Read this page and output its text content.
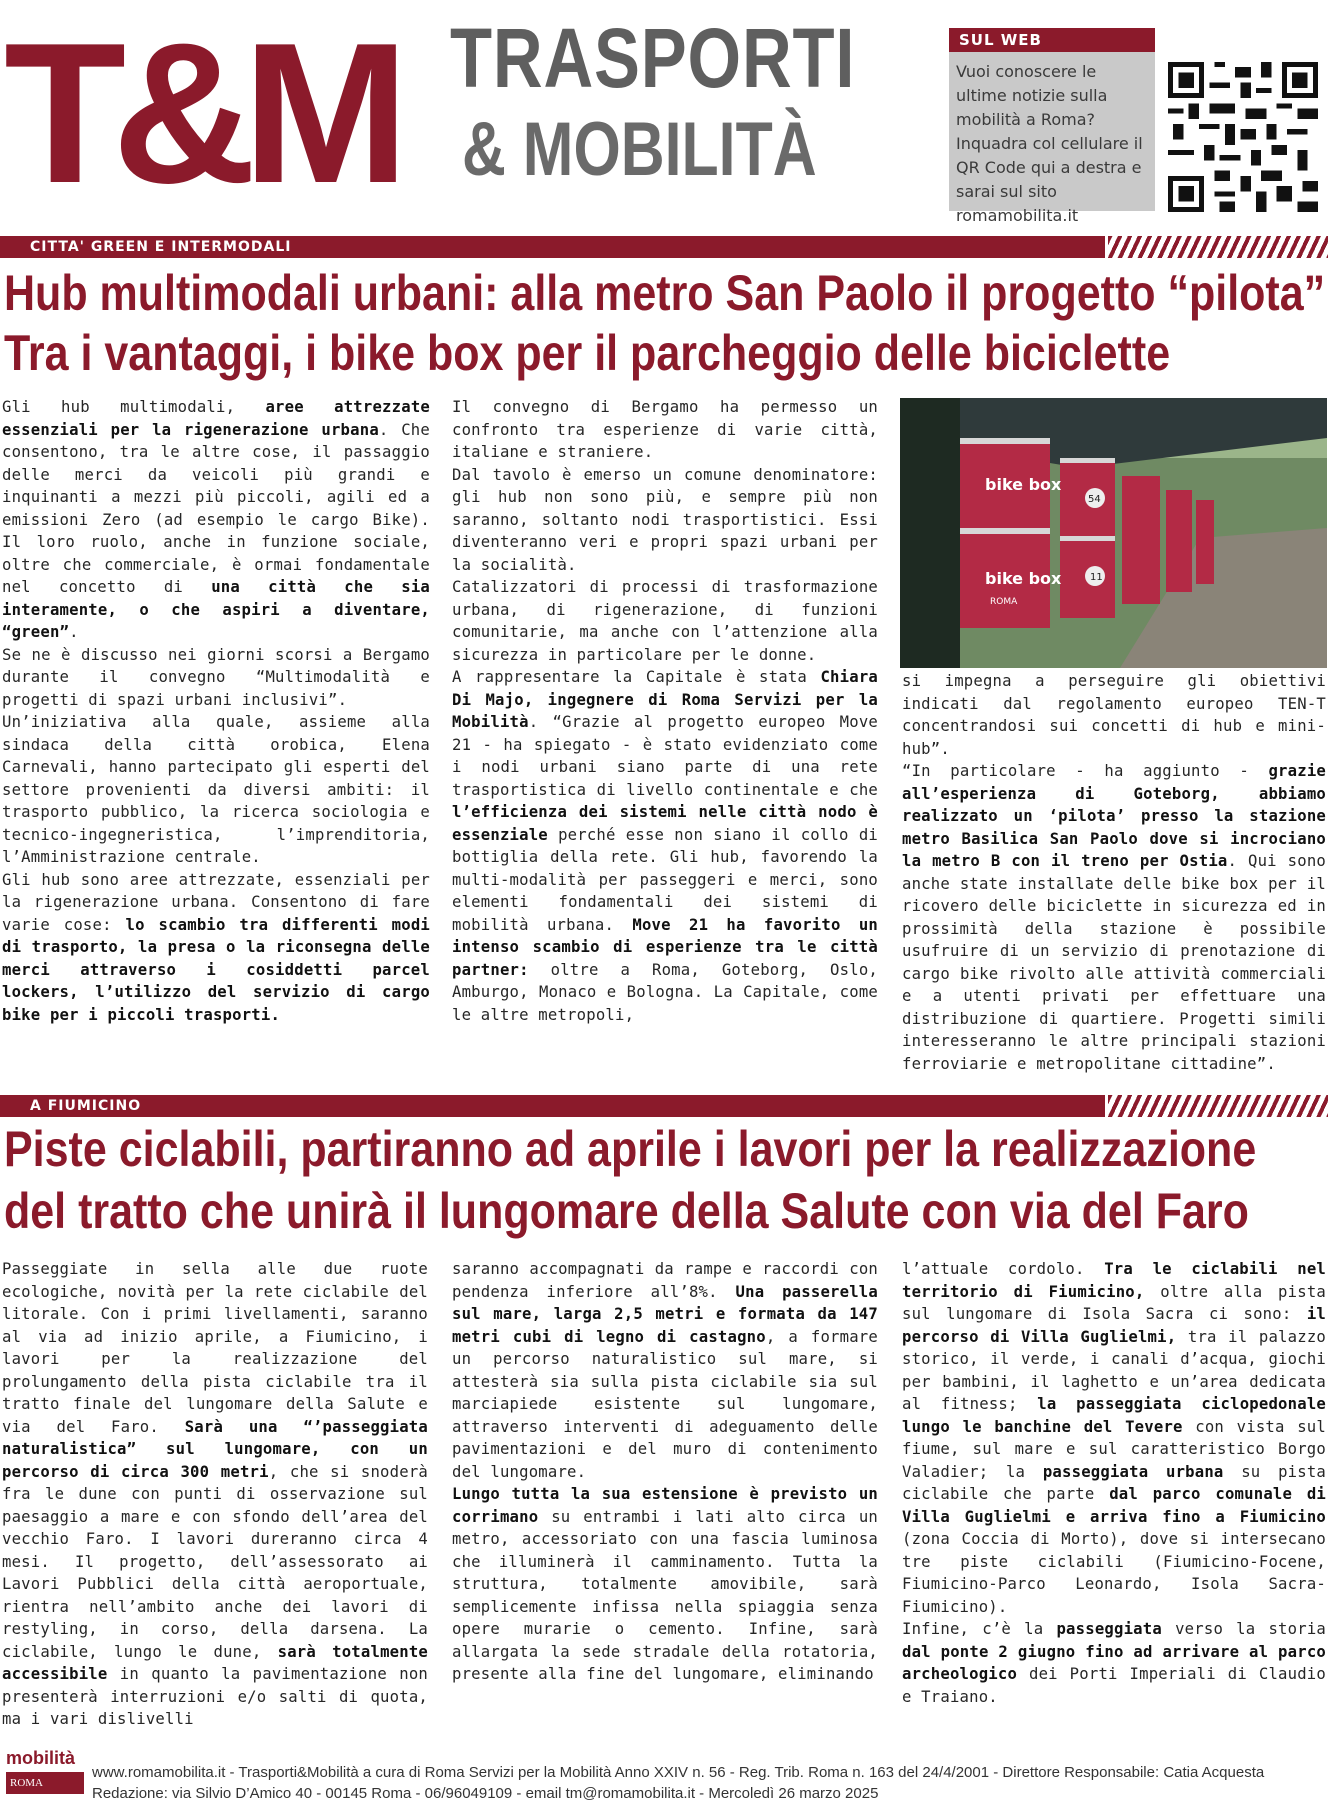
T&M TRASPORTI
& MOBILITÀ
SUL WEB
Vuoi conoscere le ultime notizie sulla mobilità a Roma? Inquadra col cellulare il QR Code qui a destra e sarai sul sito romamobilita.it
CITTA' GREEN E INTERMODALI
Hub multimodali urbani: alla metro San Paolo il progetto “pilota”
Tra i vantaggi, i bike box per il parcheggio delle biciclette

Gli hub multimodali, aree attrezzate essenziali per la rigenerazione urbana. Che consentono, tra le altre cose, il passaggio delle merci da veicoli più grandi e inquinanti a mezzi più piccoli, agili ed a emissioni Zero (ad esempio le cargo Bike). Il loro ruolo, anche in funzione sociale, oltre che commerciale, è ormai fondamentale nel concetto di una città che sia interamente, o che aspiri a diventare, “green”.

Se ne è discusso nei giorni scorsi a Bergamo durante il convegno “Multimodalità e progetti di spazi urbani inclusivi”.

Un’iniziativa alla quale, assieme alla sindaca della città orobica, Elena Carnevali, hanno partecipato gli esperti del settore provenienti da diversi ambiti: il trasporto pubblico, la ricerca sociologia e tecnico-ingegneristica, l’imprenditoria, l’Amministrazione centrale.

Gli hub sono aree attrezzate, essenziali per la rigenerazione urbana. Consentono di fare varie cose: lo scambio tra differenti modi di trasporto, la presa o la riconsegna delle merci attraverso i cosiddetti parcel lockers, l’utilizzo del servizio di cargo bike per i piccoli trasporti.

Il convegno di Bergamo ha permesso un confronto tra esperienze di varie città, italiane e straniere.

Dal tavolo è emerso un comune denominatore: gli hub non sono più, e sempre più non saranno, soltanto nodi trasportistici. Essi diventeranno veri e propri spazi urbani per la socialità.

Catalizzatori di processi di trasformazione urbana, di rigenerazione, di funzioni comunitarie, ma anche con l’attenzione alla sicurezza in particolare per le donne.

A rappresentare la Capitale è stata Chiara Di Majo, ingegnere di Roma Servizi per la Mobilità. “Grazie al progetto europeo Move 21 - ha spiegato - è stato evidenziato come i nodi urbani siano parte di una rete trasportistica di livello continentale e che l’efficienza dei sistemi nelle città nodo è essenziale perché esse non siano il collo di bottiglia della rete. Gli hub, favorendo la multi-modalità per passeggeri e merci, sono elementi fondamentali dei sistemi di mobilità urbana. Move 21 ha favorito un intenso scambio di esperienze tra le città partner: oltre a Roma, Goteborg, Oslo, Amburgo, Monaco e Bologna. La Capitale, come le altre metropoli,

54
11
bike box
bike box
ROMA

si impegna a perseguire gli obiettivi indicati dal regolamento europeo TEN-T concentrandosi sui concetti di hub e mini-hub”.

“In particolare - ha aggiunto - grazie all’esperienza di Goteborg, abbiamo realizzato un ‘pilota’ presso la stazione metro Basilica San Paolo dove si incrociano la metro B con il treno per Ostia. Qui sono anche state installate delle bike box per il ricovero delle biciclette in sicurezza ed in prossimità della stazione è possibile usufruire di un servizio di prenotazione di cargo bike rivolto alle attività commerciali e a utenti privati per effettuare una distribuzione di quartiere. Progetti simili interesseranno le altre principali stazioni ferroviarie e metropolitane cittadine”.

A FIUMICINO
Piste ciclabili, partiranno ad aprile i lavori per la realizzazione
del tratto che unirà il lungomare della Salute con via del Faro

Passeggiate in sella alle due ruote ecologiche, novità per la rete ciclabile del litorale. Con i primi livellamenti, saranno al via ad inizio aprile, a Fiumicino, i lavori per la realizzazione del prolungamento della pista ciclabile tra il tratto finale del lungomare della Salute e via del Faro. Sarà una “’passeggiata naturalistica” sul lungomare, con un percorso di circa 300 metri, che si snoderà fra le dune con punti di osservazione sul paesaggio a mare e con sfondo dell’area del vecchio Faro. I lavori dureranno circa 4 mesi. Il progetto, dell’assessorato ai Lavori Pubblici della città aeroportuale, rientra nell’ambito anche dei lavori di restyling, in corso, della darsena. La ciclabile, lungo le dune, sarà totalmente accessibile in quanto la pavimentazione non presenterà interruzioni e/o salti di quota, ma i vari dislivelli

saranno accompagnati da rampe e raccordi con pendenza inferiore all’8%. Una passerella sul mare, larga 2,5 metri e formata da 147 metri cubi di legno di castagno, a formare un percorso naturalistico sul mare, si attesterà sia sulla pista ciclabile sia sul marciapiede esistente sul lungomare, attraverso interventi di adeguamento delle pavimentazioni e del muro di contenimento del lungomare.

Lungo tutta la sua estensione è previsto un corrimano su entrambi i lati alto circa un metro, accessoriato con una fascia luminosa che illuminerà il camminamento. Tutta la struttura, totalmente amovibile, sarà semplicemente infissa nella spiaggia senza opere murarie o cemento. Infine, sarà allargata la sede stradale della rotatoria, presente alla fine del lungomare, eliminando

l’attuale cordolo. Tra le ciclabili nel territorio di Fiumicino, oltre alla pista sul lungomare di Isola Sacra ci sono: il percorso di Villa Guglielmi, tra il palazzo storico, il verde, i canali d’acqua, giochi per bambini, il laghetto e un’area dedicata al fitness; la passeggiata ciclopedonale lungo le banchine del Tevere con vista sul fiume, sul mare e sul caratteristico Borgo Valadier; la passeggiata urbana su pista ciclabile che parte dal parco comunale di Villa Guglielmi e arriva fino a Fiumicino (zona Coccia di Morto), dove si intersecano tre piste ciclabili (Fiumicino-Focene, Fiumicino-Parco Leonardo, Isola Sacra-Fiumicino).

Infine, c’è la passeggiata verso la storia dal ponte 2 giugno fino ad arrivare al parco archeologico dei Porti Imperiali di Claudio e Traiano.

mobilità
ROMA
www.romamobilita.it - Trasporti&Mobilità a cura di Roma Servizi per la Mobilità Anno XXIV n. 56 - Reg. Trib. Roma n. 163 del 24/4/2001 - Direttore Responsabile: Catia Acquesta
Redazione: via Silvio D’Amico 40 - 00145 Roma - 06/96049109 - email tm@romamobilita.it - Mercoledì 26 marzo 2025
